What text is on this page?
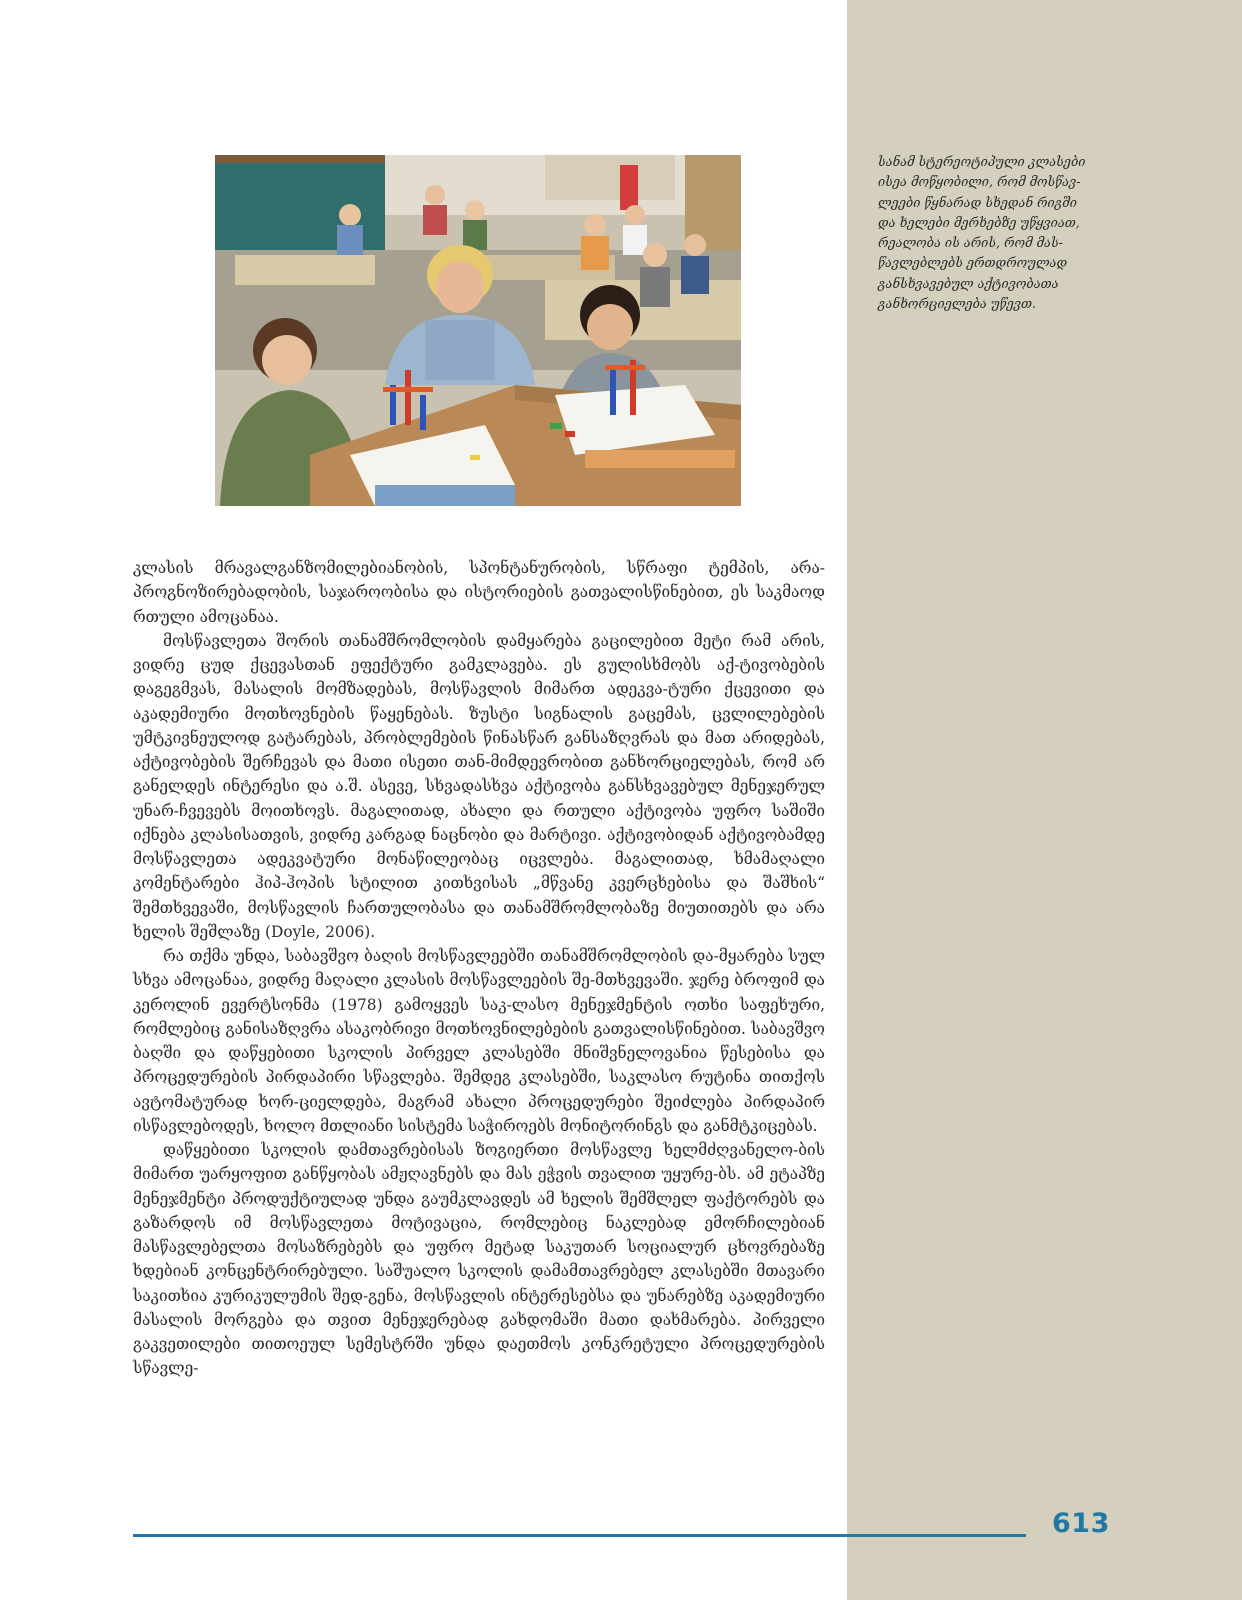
სანამ სტერეოტიპული კლასები
ისეა მოწყობილი, რომ მოსწავ-
ლეები წყნარად სხედან რიგში
და ხელები მერხებზე უწყვიათ,
რეალობა ის არის, რომ მას-
წავლებლებს ერთდროულად
განსხვავებულ აქტივობათა
განხორციელება უწევთ.

კლასის მრავალგანზომილებიანობის, სპონტანურობის, სწრაფი ტემპის, არა-პროგნოზირებადობის, საჯაროობისა და ისტორიების გათვალისწინებით, ეს საკმაოდ რთული ამოცანაა.

მოსწავლეთა შორის თანამშრომლობის დამყარება გაცილებით მეტი რამ არის, ვიდრე ცუდ ქცევასთან ეფექტური გამკლავება. ეს გულისხმობს აქ-ტივობების დაგეგმვას, მასალის მომზადებას, მოსწავლის მიმართ ადეკვა-ტური ქცევითი და აკადემიური მოთხოვნების წაყენებას. ზუსტი სიგნალის გაცემას, ცვლილებების უმტკივნეულოდ გატარებას, პრობლემების წინასწარ განსაზღვრას და მათ არიდებას, აქტივობების შერჩევას და მათი ისეთი თან-მიმდევრობით განხორციელებას, რომ არ განელდეს ინტერესი და ა.შ. ასევე, სხვადასხვა აქტივობა განსხვავებულ მენეჯერულ უნარ-ჩვევებს მოითხოვს. მაგალითად, ახალი და რთული აქტივობა უფრო საშიში იქნება კლასისათვის, ვიდრე კარგად ნაცნობი და მარტივი. აქტივობიდან აქტივობამდე მოსწავლეთა ადეკვატური მონაწილეობაც იცვლება. მაგალითად, ხმამაღალი კომენტარები ჰიპ-ჰოპის სტილით კითხვისას „მწვანე კვერცხებისა და შაშხის“ შემთხვევაში, მოსწავლის ჩართულობასა და თანამშრომლობაზე მიუთითებს და არა ხელის შეშლაზე (Doyle, 2006).

რა თქმა უნდა, საბავშვო ბაღის მოსწავლეებში თანამშრომლობის და-მყარება სულ სხვა ამოცანაა, ვიდრე მაღალი კლასის მოსწავლეების შე-მთხვევაში. ჯერე ბროფიმ და კეროლინ ევერტსონმა (1978) გამოყვეს საკ-ლასო მენეჯმენტის ოთხი საფეხური, რომლებიც განისაზღვრა ასაკობრივი მოთხოვნილებების გათვალისწინებით. საბავშვო ბაღში და დაწყებითი სკოლის პირველ კლასებში მნიშვნელოვანია წესებისა და პროცედურების პირდაპირი სწავლება. შემდეგ კლასებში, საკლასო რუტინა თითქოს ავტომატურად ხორ-ციელდება, მაგრამ ახალი პროცედურები შეიძლება პირდაპირ ისწავლებოდეს, ხოლო მთლიანი სისტემა საჭიროებს მონიტორინგს და განმტკიცებას.

დაწყებითი სკოლის დამთავრებისას ზოგიერთი მოსწავლე ხელმძღვანელო-ბის მიმართ უარყოფით განწყობას ამჟღავნებს და მას ეჭვის თვალით უყურე-ბს. ამ ეტაპზე მენეჯმენტი პროდუქტიულად უნდა გაუმკლავდეს ამ ხელის შემშლელ ფაქტორებს და გაზარდოს იმ მოსწავლეთა მოტივაცია, რომლებიც ნაკლებად ემორჩილებიან მასწავლებელთა მოსაზრებებს და უფრო მეტად საკუთარ სოციალურ ცხოვრებაზე ხდებიან კონცენტრირებული. საშუალო სკოლის დამამთავრებელ კლასებში მთავარი საკითხია კურიკულუმის შედ-გენა, მოსწავლის ინტერესებსა და უნარებზე აკადემიური მასალის მორგება და თვით მენეჯერებად გახდომაში მათი დახმარება. პირველი გაკვეთილები თითოეულ სემესტრში უნდა დაეთმოს კონკრეტული პროცედურების სწავლე-

613
